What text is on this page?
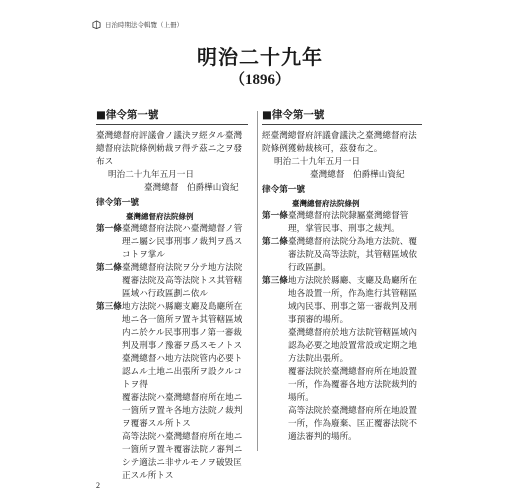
日治時期法令輯覽（上冊）
明治二十九年
（1896）
■律令第一號

臺灣總督府評議會ノ議決ヲ經タル臺灣總督府法院條例勅裁ヲ得テ茲ニ之ヲ發布ス

明治二十九年五月一日
臺灣總督　伯爵樺山資紀
律令第一號
臺灣總督府法院條例
第一條 臺灣總督府法院ハ臺灣總督ノ管理ニ屬シ民事刑事ノ裁判ヲ爲スコトヲ掌ル
第二條 臺灣總督府法院ヲ分テ地方法院覆審法院及高等法院トス其管轄區域ハ行政區劃ニ依ル
第三條 地方法院ハ縣廳支廳及島廳所在地ニ各一箇所ヲ置キ其管轄區域内ニ於ケル民事刑事ノ第一審裁判及刑事ノ豫審ヲ爲スモノトス
臺灣總督ハ地方法院管内必要ト認ムル土地ニ出張所ヲ設クルコトヲ得
覆審法院ハ臺灣總督府所在地ニ一箇所ヲ置キ各地方法院ノ裁判ヲ覆審スル所トス
高等法院ハ臺灣總督府所在地ニ一箇所ヲ置キ覆審法院ノ審判ニシテ適法ニ非サルモノヲ破毀匡正スル所トス
■律令第一號

經臺灣總督府評議會議決之臺灣總督府法院條例獲勅裁核可，茲發布之。

明治二十九年五月一日
臺灣總督　伯爵樺山資紀
律令第一號
臺灣總督府法院條例
第一條 臺灣總督府法院隸屬臺灣總督管理，掌管民事、刑事之裁判。
第二條 臺灣總督府法院分為地方法院、覆審法院及高等法院，其管轄區域依行政區劃。
第三條 地方法院於縣廳、支廳及島廳所在地各設置一所，作為進行其管轄區域內民事、刑事之第一審裁判及刑事預審的場所。
臺灣總督府於地方法院管轄區域內認為必要之地設置常設或定期之地方法院出張所。
覆審法院於臺灣總督府所在地設置一所，作為覆審各地方法院裁判的場所。
高等法院於臺灣總督府所在地設置一所，作為廢棄、匡正覆審法院不適法審判的場所。
2
